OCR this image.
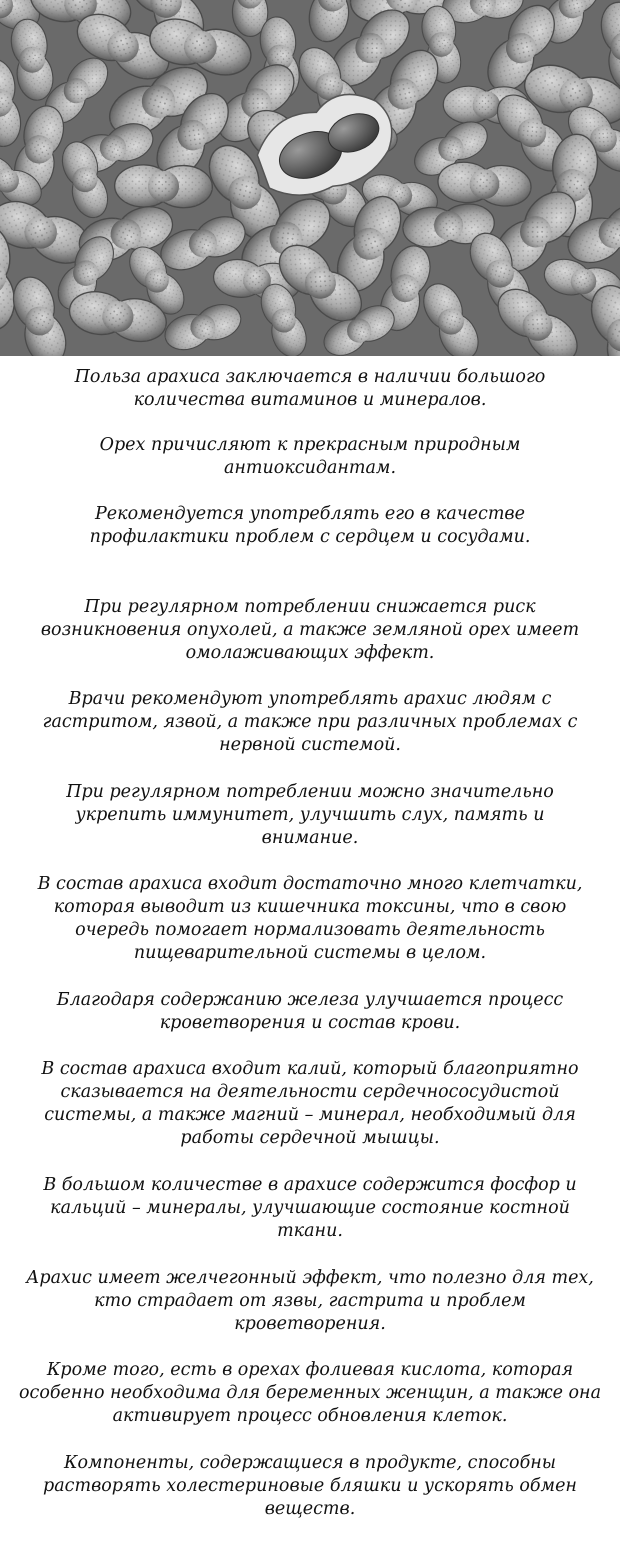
Польза арахиса заключается в наличии большого
количества витаминов и минералов.

Орех причисляют к прекрасным природным
антиоксидантам.

Рекомендуется употреблять его в качестве
профилактики проблем с сердцем и сосудами.

При регулярном потреблении снижается риск
возникновения опухолей, а также земляной орех имеет
омолаживающих эффект.

Врачи рекомендуют употреблять арахис людям с
гастритом, язвой, а также при различных проблемах с
нервной системой.

При регулярном потреблении можно значительно
укрепить иммунитет, улучшить слух, память и
внимание.

В состав арахиса входит достаточно много клетчатки,
которая выводит из кишечника токсины, что в свою
очередь помогает нормализовать деятельность
пищеварительной системы в целом.

Благодаря содержанию железа улучшается процесс
кроветворения и состав крови.

В состав арахиса входит калий, который благоприятно
сказывается на деятельности сердечнососудистой
системы, а также магний – минерал, необходимый для
работы сердечной мышцы.

В большом количестве в арахисе содержится фосфор и
кальций – минералы, улучшающие состояние костной
ткани.

Арахис имеет желчегонный эффект, что полезно для тех,
кто страдает от язвы, гастрита и проблем
кроветворения.

Кроме того, есть в орехах фолиевая кислота, которая
особенно необходима для беременных женщин, а также она
активирует процесс обновления клеток.

Компоненты, содержащиеся в продукте, способны
растворять холестериновые бляшки и ускорять обмен
веществ.
